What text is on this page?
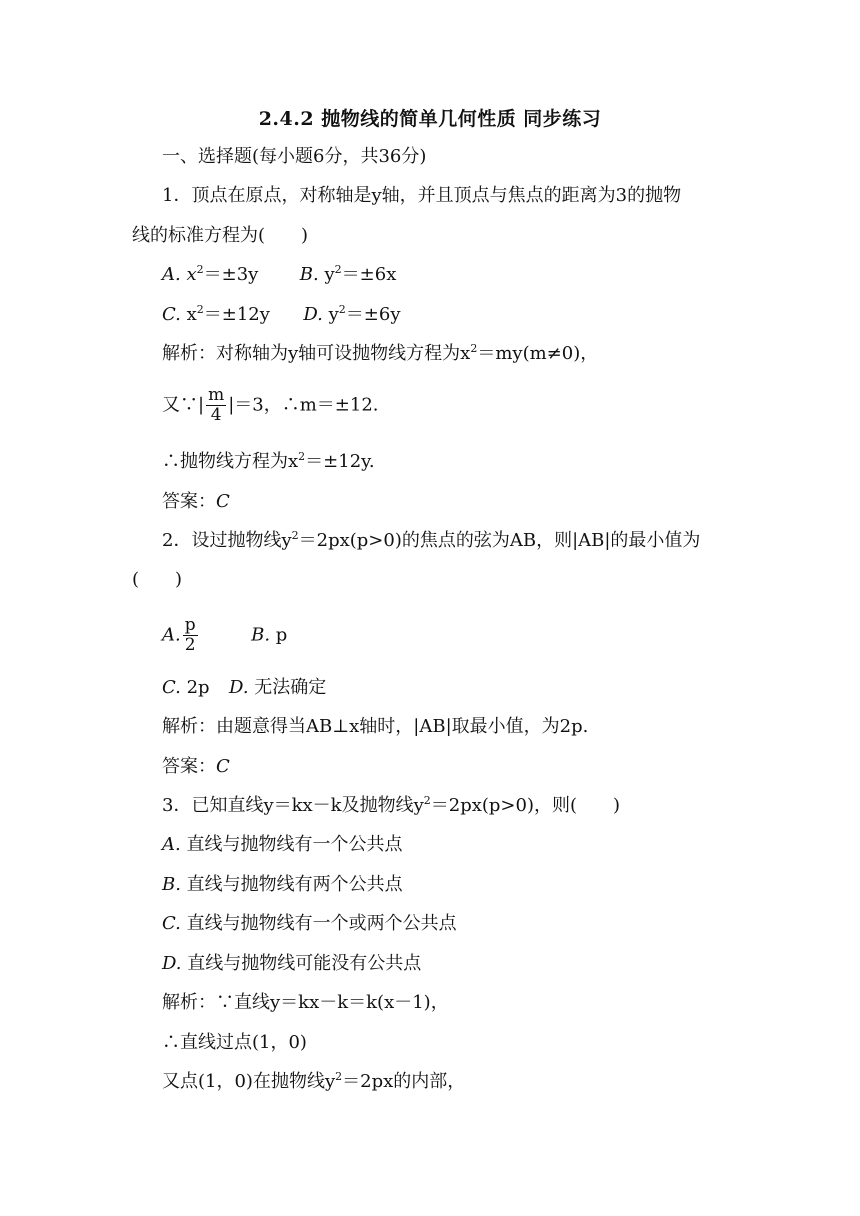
2.4.2 抛物线的简单几何性质 同步练习
一、选择题(每小题6分，共36分)
1．顶点在原点，对称轴是y轴，并且顶点与焦点的距离为3的抛物
线的标准方程为(　　)
A. $x^2=\pm 3y$ B. $y^2=\pm 6x$
C. $x^2=\pm 12y$ D. $y^2=\pm 6y$
解析：对称轴为y轴可设抛物线方程为$x^2=my(m\ne 0)$，
又∵| $\frac{m}{4} |=3$，∴m＝±12.
∴抛物线方程为$x^2=\pm 12y$.
答案：C
2．设过抛物线$y^2=2px(p>0)$的焦点的弦为AB，则|AB|的最小值为
(　　)
A. $\frac{p}{2}$	B. p
C. 2p D. 无法确定
解析：由题意得当AB⊥x轴时，|AB|取最小值，为2p.
答案：C
3．已知直线y＝kx－k及抛物线$y^2=2px(p>0)$，则(　　)
A. 直线与抛物线有一个公共点
B. 直线与抛物线有两个公共点
C. 直线与抛物线有一个或两个公共点
D. 直线与抛物线可能没有公共点
解析：∵直线y＝kx－k＝k(x－1)，
∴直线过点(1，0)
又点(1，0)在抛物线$y^2=2px$的内部，
